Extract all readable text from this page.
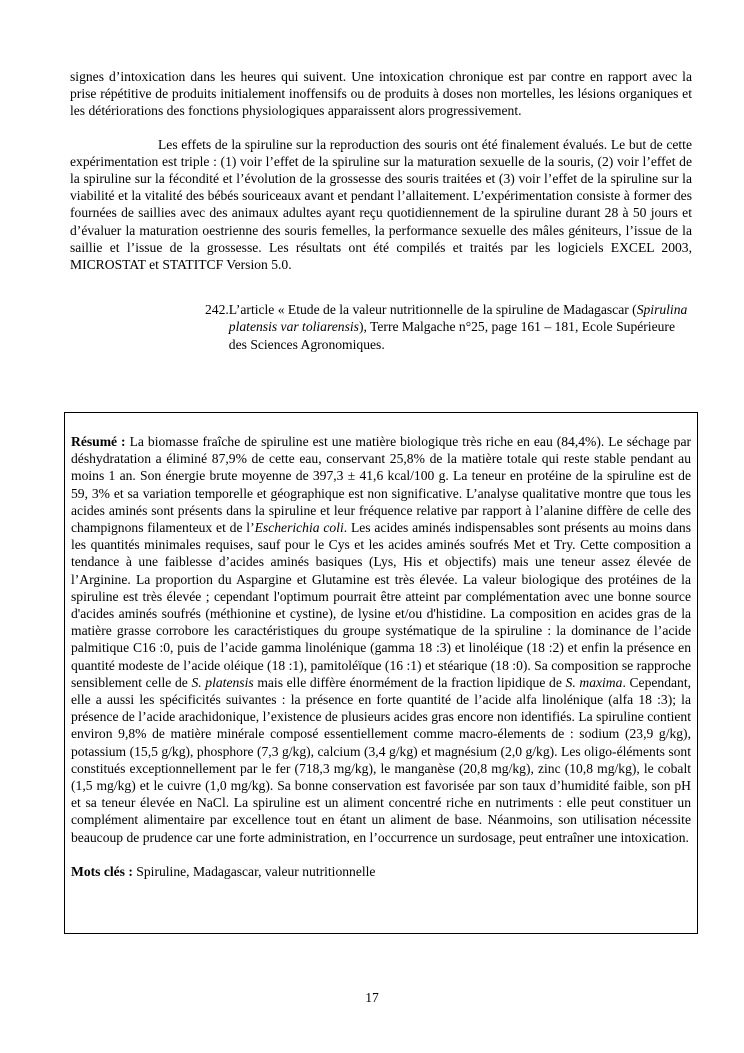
signes d’intoxication dans les heures qui suivent. Une intoxication chronique est par contre en rapport avec la prise répétitive de produits initialement inoffensifs ou de produits à doses non mortelles, les lésions organiques et les détériorations des fonctions physiologiques apparaissent alors progressivement.

Les effets de la spiruline sur la reproduction des souris ont été finalement évalués. Le but de cette expérimentation est triple : (1) voir l’effet de la spiruline sur la maturation sexuelle de la souris, (2) voir l’effet de la spiruline sur la fécondité et l’évolution de la grossesse des souris traitées et (3) voir l’effet de la spiruline sur la viabilité et la vitalité des bébés souriceaux avant et pendant l’allaitement. L’expérimentation consiste à former des fournées de saillies avec des animaux adultes ayant reçu quotidiennement de la spiruline durant 28 à 50 jours et d’évaluer la maturation oestrienne des souris femelles, la performance sexuelle des mâles géniteurs, l’issue de la saillie et l’issue de la grossesse. Les résultats ont été compilés et traités par les logiciels EXCEL 2003, MICROSTAT et STATITCF Version 5.0.

242. L’article « Etude de la valeur nutritionnelle de la spiruline de Madagascar (Spirulina platensis var toliarensis), Terre Malgache n°25, page 161 – 181, Ecole Supérieure des Sciences Agronomiques.

Résumé : La biomasse fraîche de spiruline est une matière biologique très riche en eau (84,4%). Le séchage par déshydratation a éliminé 87,9% de cette eau, conservant 25,8% de la matière totale qui reste stable pendant au moins 1 an. Son énergie brute moyenne de 397,3 ± 41,6 kcal/100 g. La teneur en protéine de la spiruline est de 59, 3% et sa variation temporelle et géographique est non significative. L’analyse qualitative montre que tous les acides aminés sont présents dans la spiruline et leur fréquence relative par rapport à l’alanine diffère de celle des champignons filamenteux et de l’Escherichia coli. Les acides aminés indispensables sont présents au moins dans les quantités minimales requises, sauf pour le Cys et les acides aminés soufrés Met et Try. Cette composition a tendance à une faiblesse d’acides aminés basiques (Lys, His et objectifs) mais une teneur assez élevée de l’Arginine. La proportion du Aspargine et Glutamine est très élevée. La valeur biologique des protéines de la spiruline est très élevée ; cependant l'optimum pourrait être atteint par complémentation avec une bonne source d'acides aminés soufrés (méthionine et cystine), de lysine et/ou d'histidine. La composition en acides gras de la matière grasse corrobore les caractéristiques du groupe systématique de la spiruline : la dominance de l’acide palmitique C16 :0, puis de l’acide gamma linolénique (gamma 18 :3) et linoléique (18 :2) et enfin la présence en quantité modeste de l’acide oléique (18 :1), pamitoléïque (16 :1) et stéarique (18 :0). Sa composition se rapproche sensiblement celle de S. platensis mais elle diffère énormément de la fraction lipidique de S. maxima. Cependant, elle a aussi les spécificités suivantes : la présence en forte quantité de l’acide alfa linolénique (alfa 18 :3); la présence de l’acide arachidonique, l’existence de plusieurs acides gras encore non identifiés. La spiruline contient environ 9,8% de matière minérale composé essentiellement comme macro-élements de : sodium (23,9 g/kg), potassium (15,5 g/kg), phosphore (7,3 g/kg), calcium (3,4 g/kg) et magnésium (2,0 g/kg). Les oligo-éléments sont constitués exceptionnellement par le fer (718,3 mg/kg), le manganèse (20,8 mg/kg), zinc (10,8 mg/kg), le cobalt (1,5 mg/kg) et le cuivre (1,0 mg/kg). Sa bonne conservation est favorisée par son taux d’humidité faible, son pH et sa teneur élevée en NaCl. La spiruline est un aliment concentré riche en nutriments : elle peut constituer un complément alimentaire par excellence tout en étant un aliment de base. Néanmoins, son utilisation nécessite beaucoup de prudence car une forte administration, en l’occurrence un surdosage, peut entraîner une intoxication.

Mots clés : Spiruline, Madagascar, valeur nutritionnelle

17
